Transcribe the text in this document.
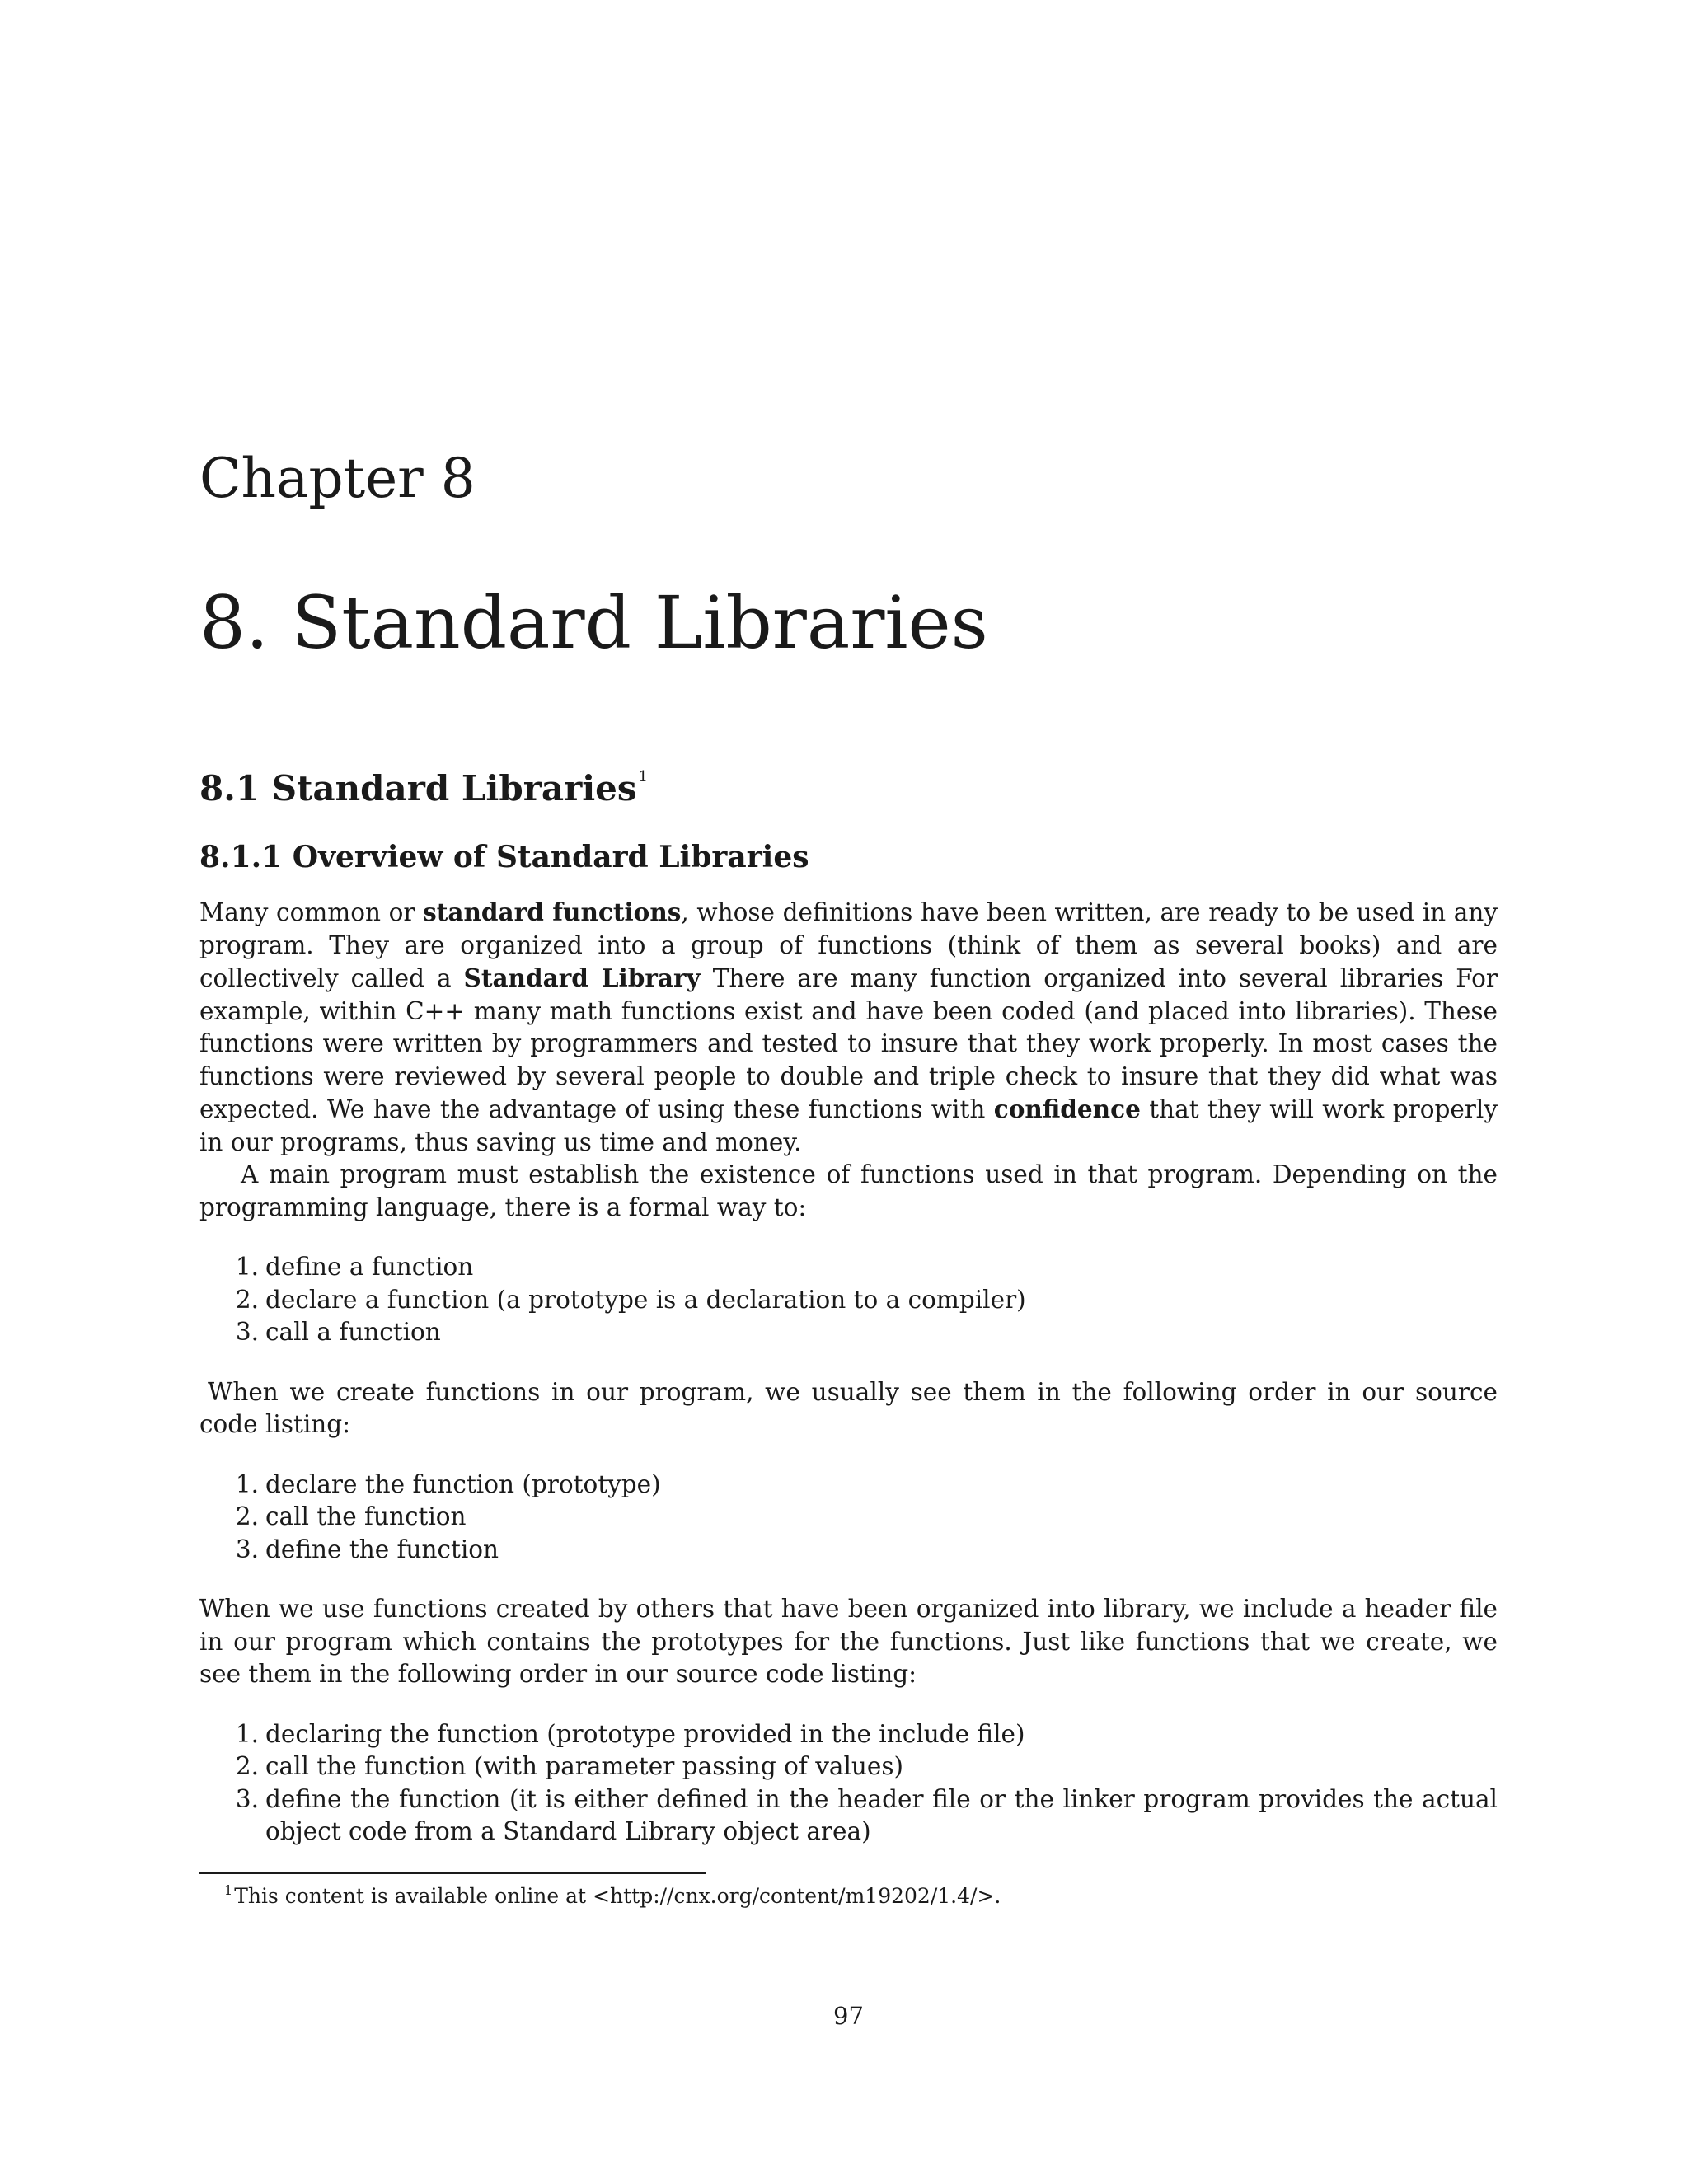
Chapter 8
8. Standard Libraries
8.1 Standard Libraries $^1$
8.1.1 Overview of Standard Libraries

Many common or standard functions, whose definitions have been written, are ready to be used in any program. They are organized into a group of functions (think of them as several books) and are collectively called a Standard Library There are many function organized into several libraries For example, within C++ many math functions exist and have been coded (and placed into libraries). These functions were written by programmers and tested to insure that they work properly. In most cases the functions were reviewed by several people to double and triple check to insure that they did what was expected. We have the advantage of using these functions with confidence that they will work properly in our programs, thus saving us time and money.

A main program must establish the existence of functions used in that program. Depending on the programming language, there is a formal way to:

1. define a function
2. declare a function (a prototype is a declaration to a compiler)
3. call a function

When we create functions in our program, we usually see them in the following order in our source code listing:

1. declare the function (prototype)
2. call the function
3. define the function

When we use functions created by others that have been organized into library, we include a header file in our program which contains the prototypes for the functions. Just like functions that we create, we see them in the following order in our source code listing:

1. declaring the function (prototype provided in the include file)
2. call the function (with parameter passing of values)
3. define the function (it is either defined in the header file or the linker program provides the actual object code from a Standard Library object area)
$^1$This content is available online at <http://cnx.org/content/m19202/1.4/>.
97
